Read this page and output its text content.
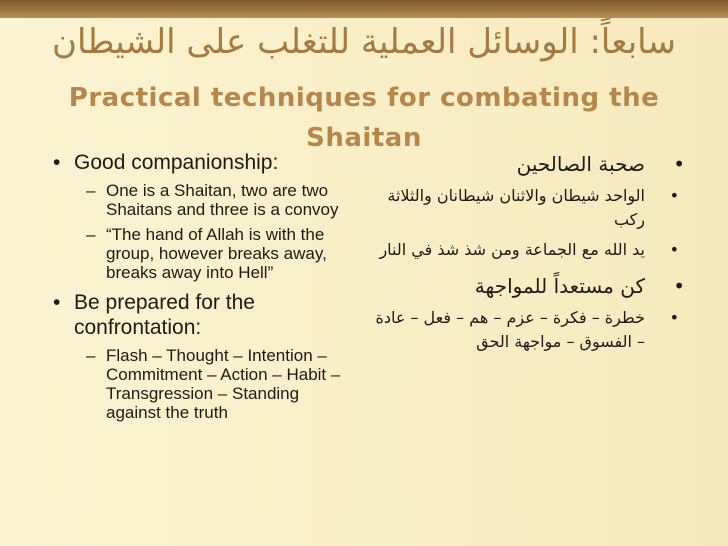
سابعاً: الوسائل العملية للتغلب على الشيطان
Practical techniques for combating the Shaitan
• Good companionship:
– One is a Shaitan, two are two Shaitans and three is a convoy
– “The hand of Allah is with the group, however breaks away, breaks away into Hell”
• Be prepared for the confrontation:
– Flash – Thought – Intention – Commitment – Action – Habit – Transgression – Standing against the truth
•
صحبة الصالحين
•
الواحد شيطان والاثنان شيطانان والثلاثة ركب
•
يد الله مع الجماعة ومن شذ شذ في النار
•
كن مستعداً للمواجهة
•
خطرة – فكرة – عزم – هم – فعل – عادة – الفسوق – مواجهة الحق
